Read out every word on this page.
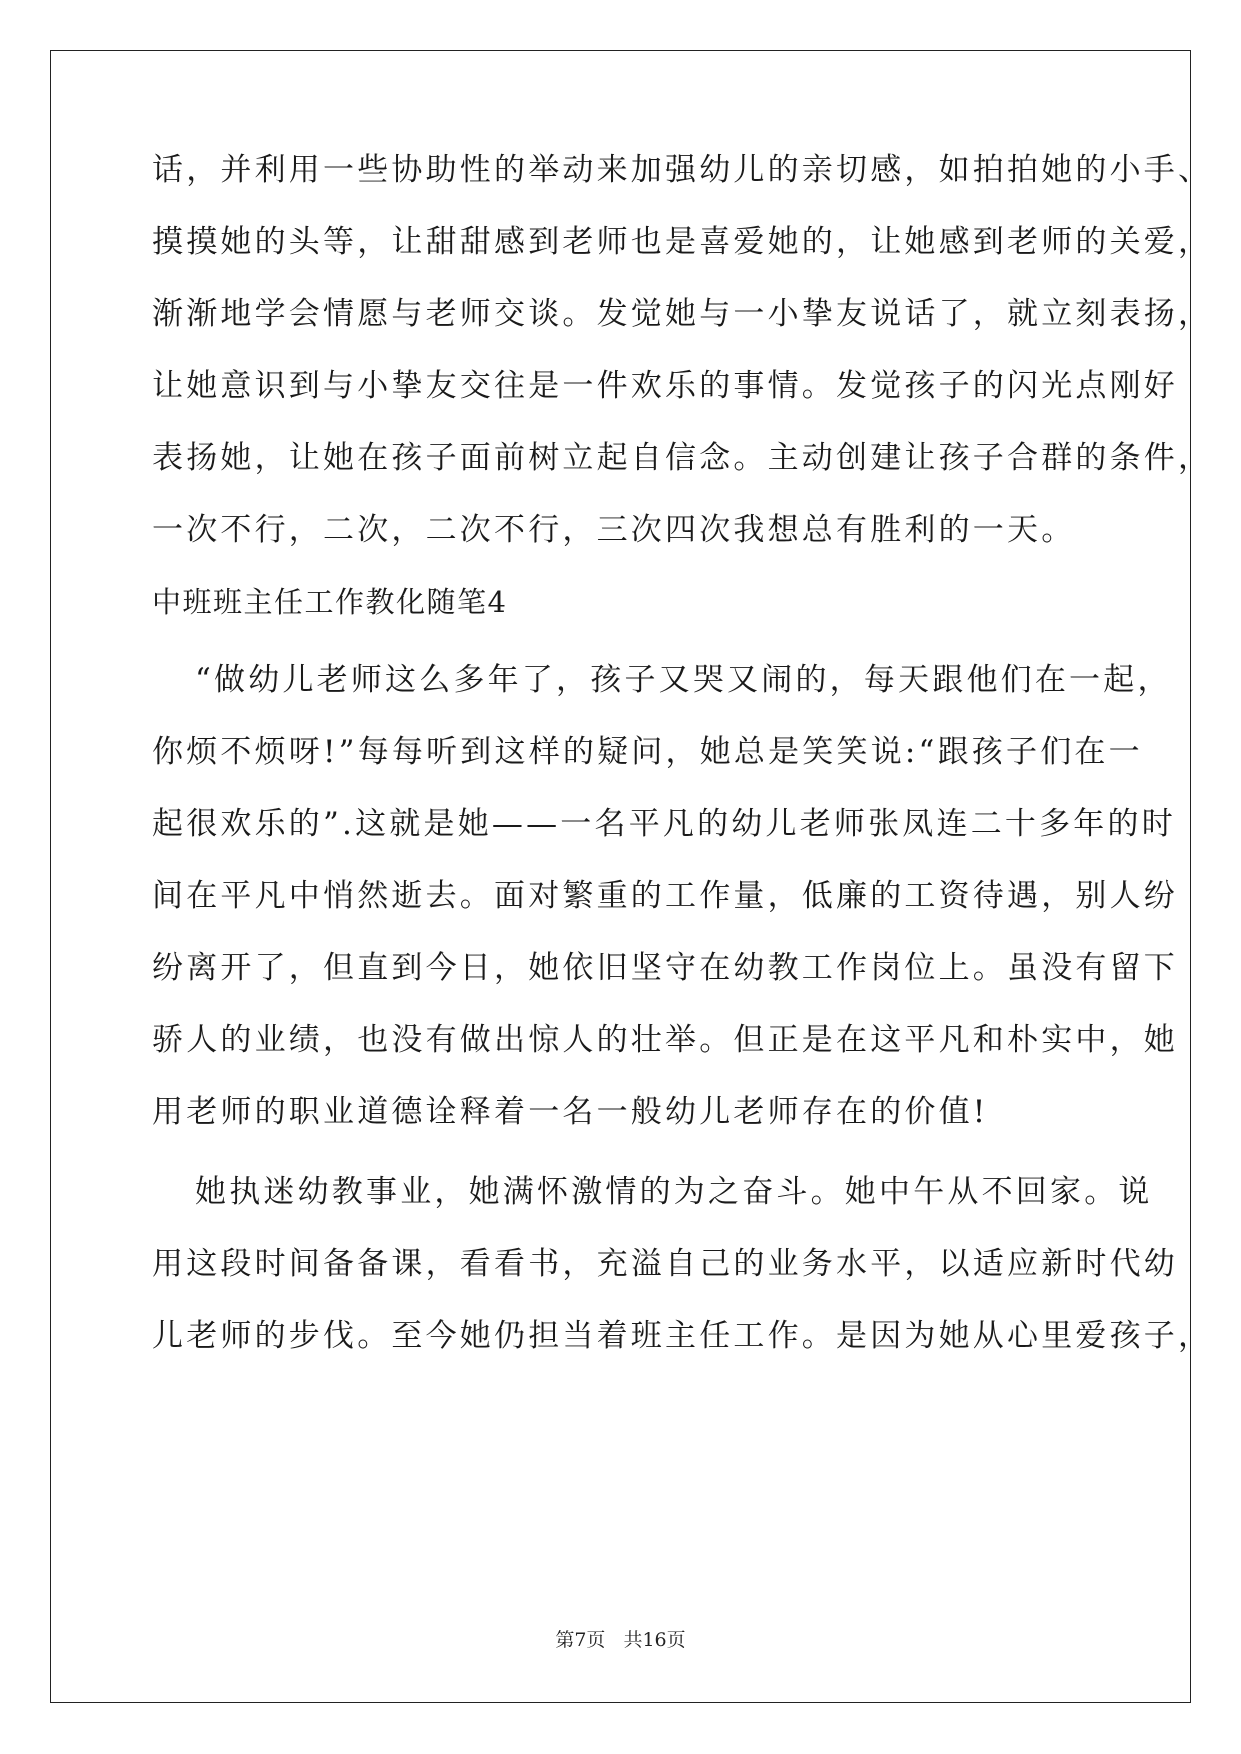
话，并利用一些协助性的举动来加强幼儿的亲切感，如拍拍她的小手、
摸摸她的头等，让甜甜感到老师也是喜爱她的，让她感到老师的关爱，
渐渐地学会情愿与老师交谈。发觉她与一小挚友说话了，就立刻表扬，
让她意识到与小挚友交往是一件欢乐的事情。发觉孩子的闪光点刚好
表扬她，让她在孩子面前树立起自信念。主动创建让孩子合群的条件，
一次不行，二次，二次不行，三次四次我想总有胜利的一天。
中班班主任工作教化随笔4
“做幼儿老师这么多年了，孩子又哭又闹的，每天跟他们在一起，
你烦不烦呀!”每每听到这样的疑问，她总是笑笑说:“跟孩子们在一
起很欢乐的”.这就是她——一名平凡的幼儿老师张凤连二十多年的时
间在平凡中悄然逝去。面对繁重的工作量，低廉的工资待遇，别人纷
纷离开了，但直到今日，她依旧坚守在幼教工作岗位上。虽没有留下
骄人的业绩，也没有做出惊人的壮举。但正是在这平凡和朴实中，她
用老师的职业道德诠释着一名一般幼儿老师存在的价值!
她执迷幼教事业，她满怀激情的为之奋斗。她中午从不回家。说
用这段时间备备课，看看书，充溢自己的业务水平，以适应新时代幼
儿老师的步伐。至今她仍担当着班主任工作。是因为她从心里爱孩子，
第7页 共16页
